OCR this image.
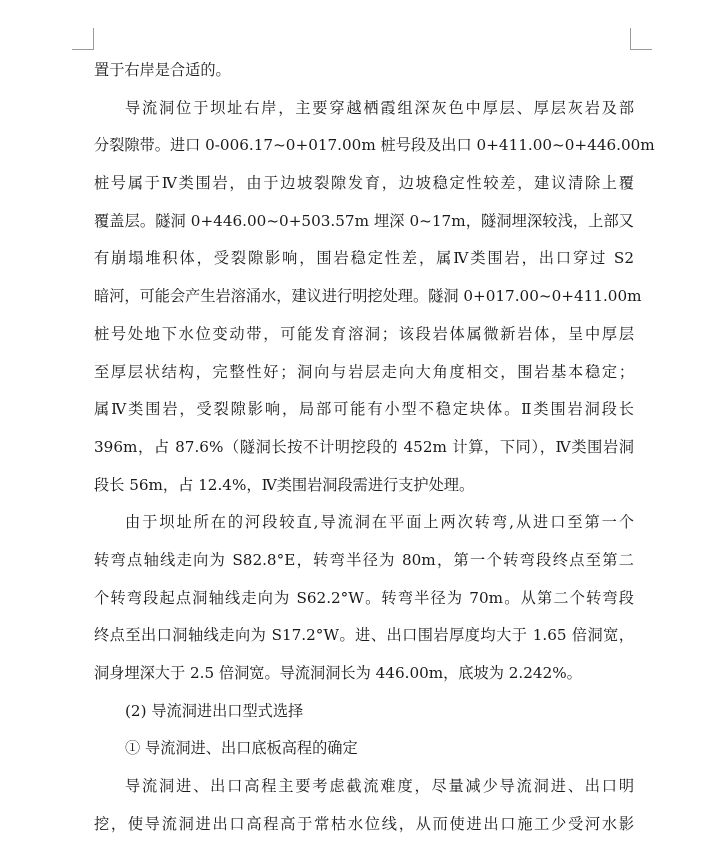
置于右岸是合适的。
导流洞位于坝址右岸，主要穿越栖霞组深灰色中厚层、厚层灰岩及部
分裂隙带。进口 0-006.17~0+017.00m 桩号段及出口 0+411.00~0+446.00m
桩号属于Ⅳ类围岩，由于边坡裂隙发育，边坡稳定性较差，建议清除上覆
覆盖层。隧洞 0+446.00~0+503.57m 埋深 0~17m，隧洞埋深较浅，上部又
有崩塌堆积体，受裂隙影响，围岩稳定性差，属Ⅳ类围岩，出口穿过 S2
暗河，可能会产生岩溶涌水，建议进行明挖处理。隧洞 0+017.00~0+411.00m
桩号处地下水位变动带，可能发育溶洞；该段岩体属微新岩体，呈中厚层
至厚层状结构，完整性好；洞向与岩层走向大角度相交，围岩基本稳定；
属Ⅳ类围岩，受裂隙影响，局部可能有小型不稳定块体。Ⅱ类围岩洞段长
396m，占 87.6%（隧洞长按不计明挖段的 452m 计算，下同），Ⅳ类围岩洞
段长 56m，占 12.4%，Ⅳ类围岩洞段需进行支护处理。
由于坝址所在的河段较直,导流洞在平面上两次转弯,从进口至第一个
转弯点轴线走向为 S82.8°E，转弯半径为 80m，第一个转弯段终点至第二
个转弯段起点洞轴线走向为 S62.2°W。转弯半径为 70m。从第二个转弯段
终点至出口洞轴线走向为 S17.2°W。进、出口围岩厚度均大于 1.65 倍洞宽，
洞身埋深大于 2.5 倍洞宽。导流洞洞长为 446.00m，底坡为 2.242%。
(2) 导流洞进出口型式选择
① 导流洞进、出口底板高程的确定
导流洞进、出口高程主要考虑截流难度，尽量减少导流洞进、出口明
挖，使导流洞进出口高程高于常枯水位线，从而使进出口施工少受河水影
